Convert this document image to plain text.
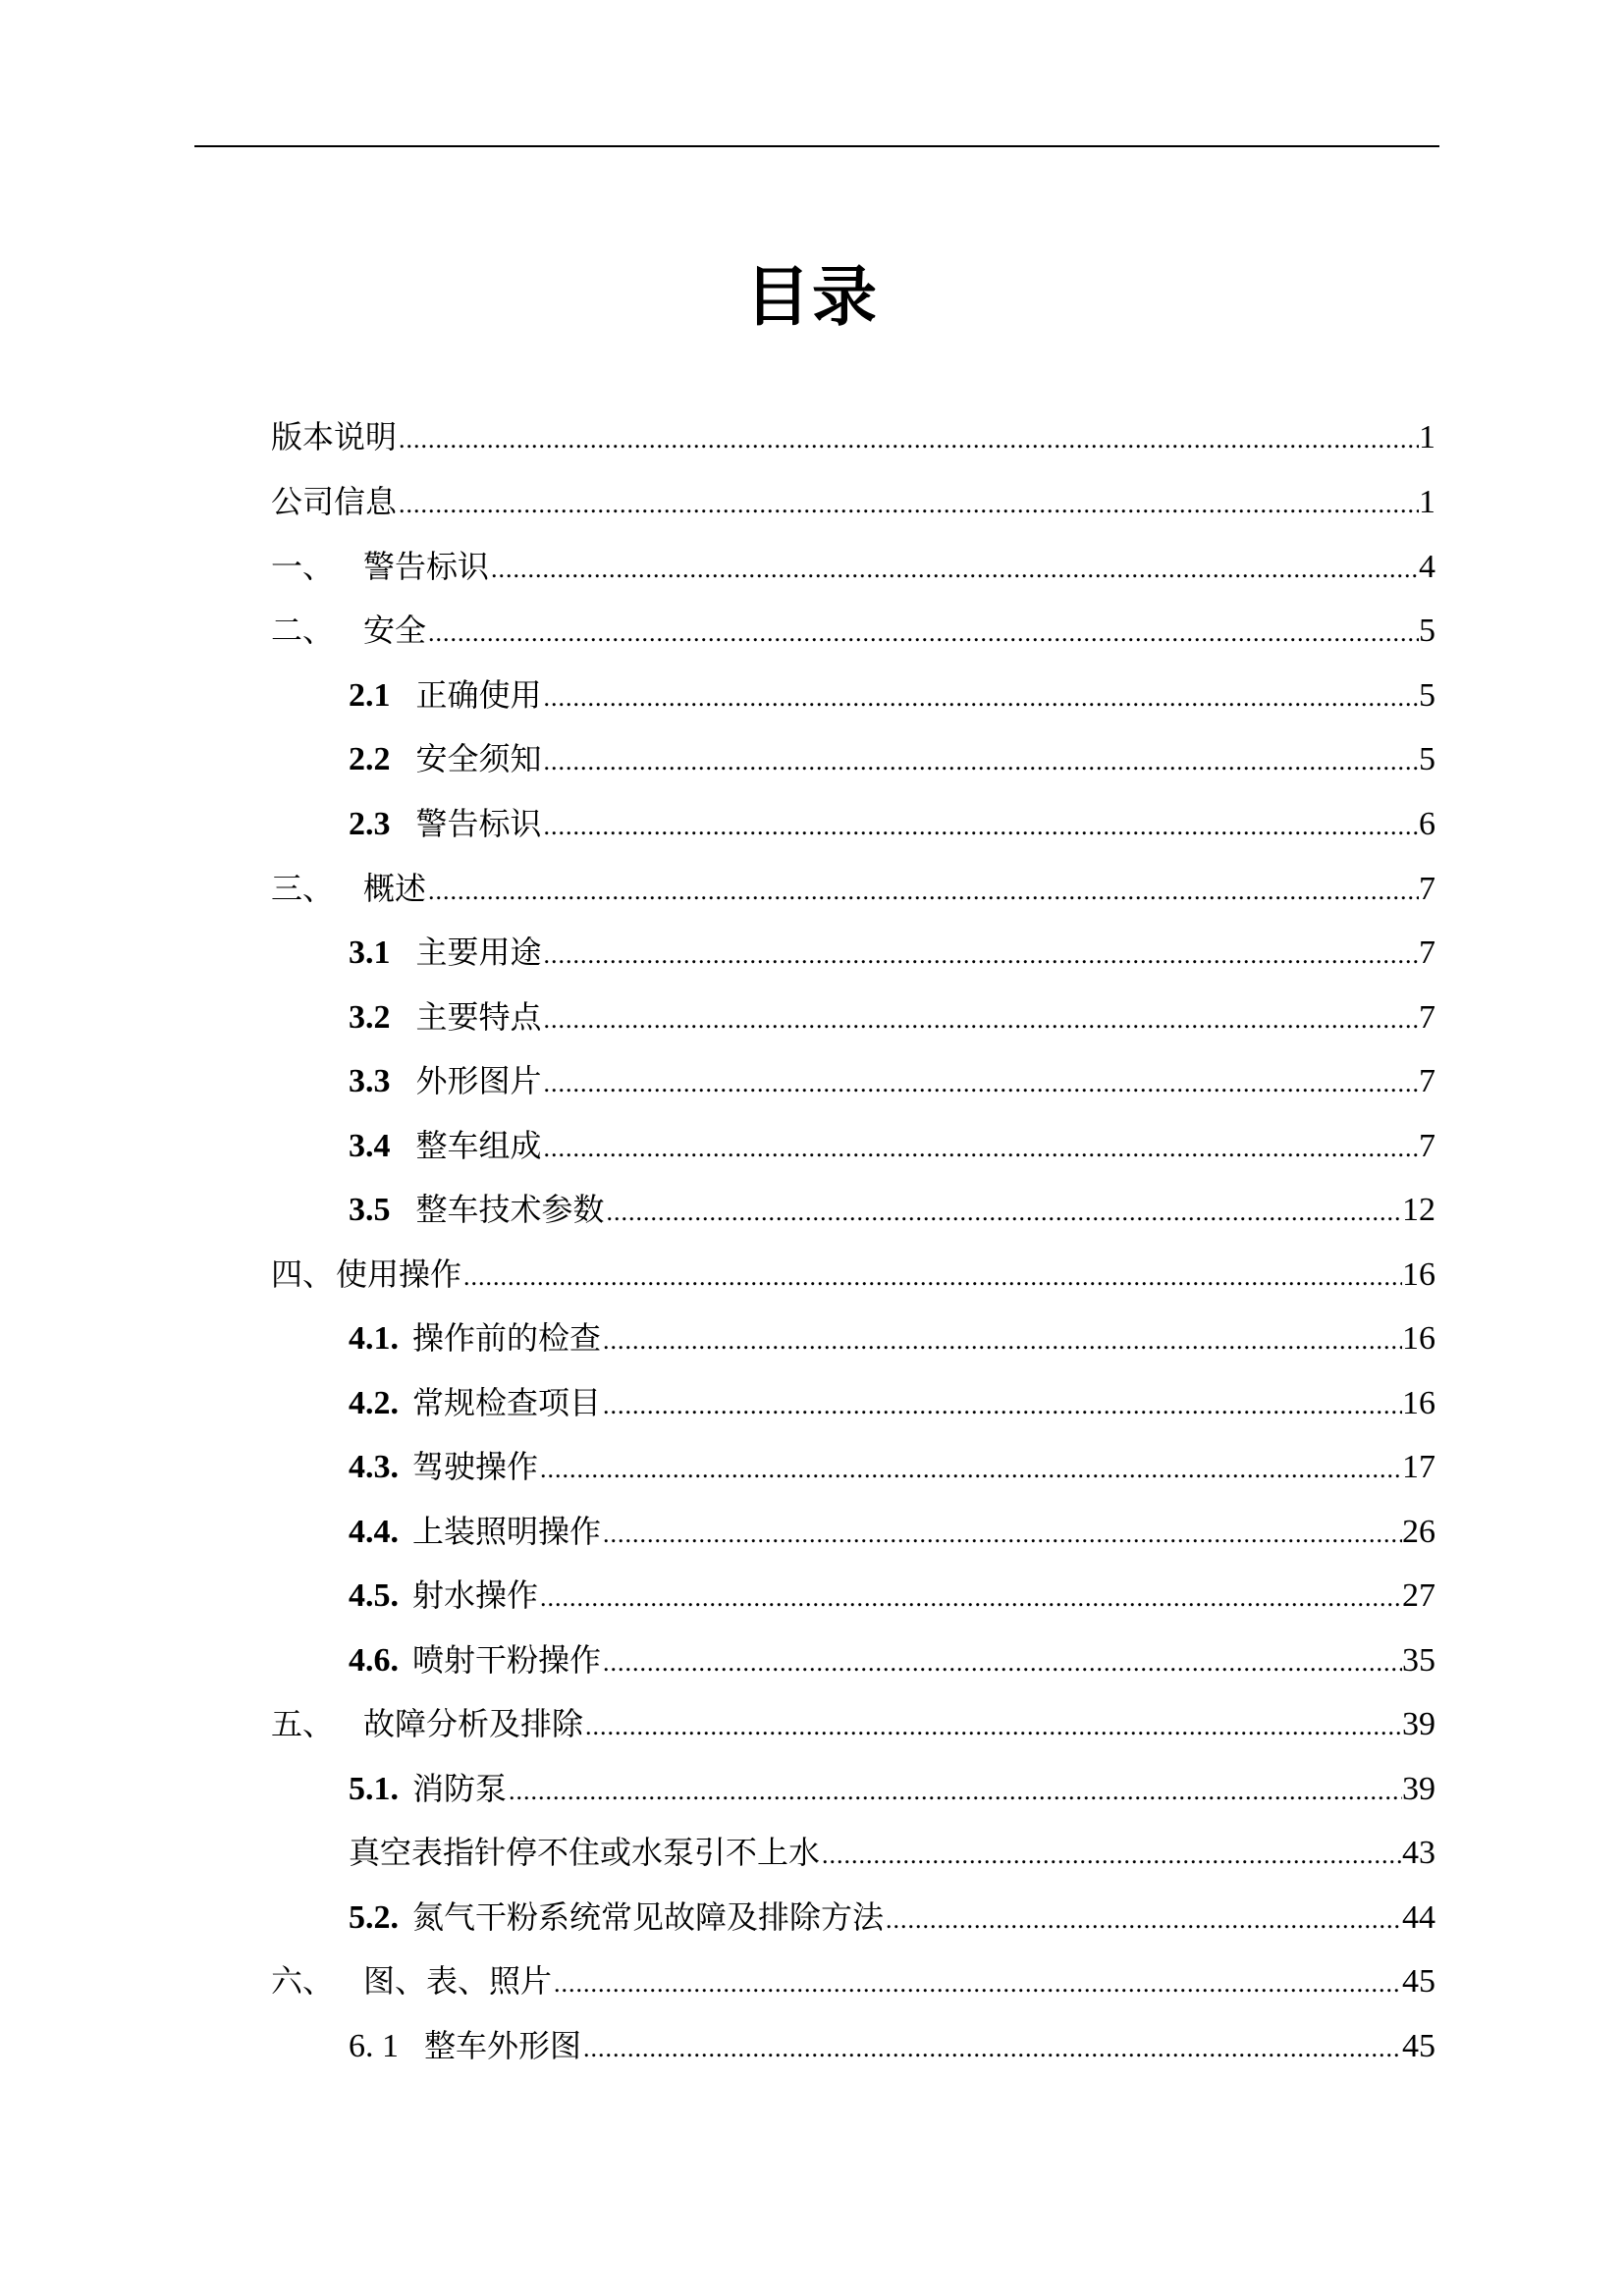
目录
版本说明 .....	1
公司信息 .....	1
一、 警告标识 .....	4
二、 安全 .....	5
2.1 正确使用 .....	5
2.2 安全须知 .....	5
2.3 警告标识 .....	6
三、 概述 .....	7
3.1 主要用途 .....	7
3.2 主要特点 .....	7
3.3 外形图片 .....	7
3.4 整车组成 .....	7
3.5 整车技术参数 .....	12
四、 使用操作 .....	16
4.1. 操作前的检查 .....	16
4.2. 常规检查项目 .....	16
4.3. 驾驶操作 .....	17
4.4. 上装照明操作 .....	26
4.5. 射水操作 .....	27
4.6. 喷射干粉操作 .....	35
五、 故障分析及排除 .....	39
5.1. 消防泵 .....	39
真空表指针停不住或水泵引不上水 .....	43
5.2. 氮气干粉系统常见故障及排除方法 .....	44
六、 图、表、照片 .....	45
6. 1 整车外形图 .....	45
